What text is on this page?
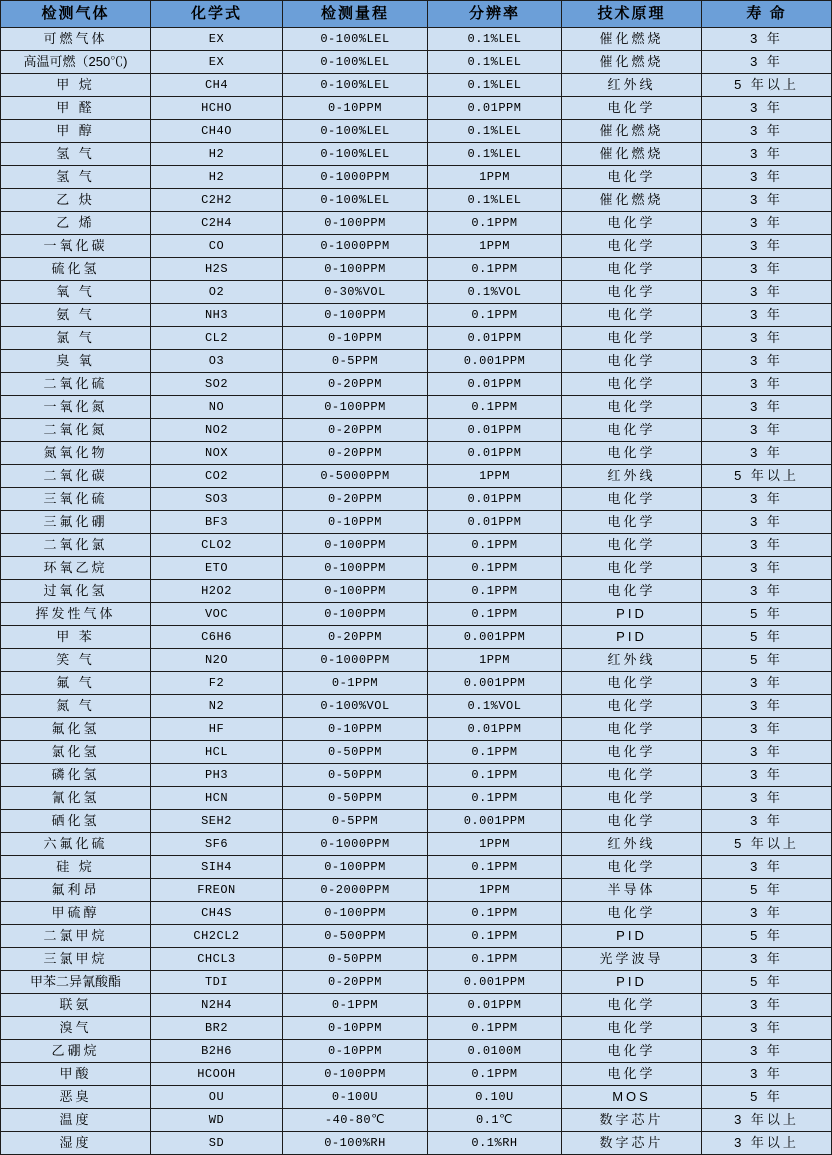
检测气体	化学式	检测量程	分辨率	技术原理	寿 命
可燃气体	EX	0-100%LEL	0.1%LEL	催化燃烧	3 年
高温可燃（250℃)	EX	0-100%LEL	0.1%LEL	催化燃烧	3 年
甲 烷	CH4	0-100%LEL	0.1%LEL	红外线	5 年以上
甲 醛	HCHO	0-10PPM	0.01PPM	电化学	3 年
甲 醇	CH4O	0-100%LEL	0.1%LEL	催化燃烧	3 年
氢 气	H2	0-100%LEL	0.1%LEL	催化燃烧	3 年
氢 气	H2	0-1000PPM	1PPM	电化学	3 年
乙 炔	C2H2	0-100%LEL	0.1%LEL	催化燃烧	3 年
乙 烯	C2H4	0-100PPM	0.1PPM	电化学	3 年
一氧化碳	CO	0-1000PPM	1PPM	电化学	3 年
硫化氢	H2S	0-100PPM	0.1PPM	电化学	3 年
氧 气	O2	0-30%VOL	0.1%VOL	电化学	3 年
氨 气	NH3	0-100PPM	0.1PPM	电化学	3 年
氯 气	CL2	0-10PPM	0.01PPM	电化学	3 年
臭 氧	O3	0-5PPM	0.001PPM	电化学	3 年
二氧化硫	SO2	0-20PPM	0.01PPM	电化学	3 年
一氧化氮	NO	0-100PPM	0.1PPM	电化学	3 年
二氧化氮	NO2	0-20PPM	0.01PPM	电化学	3 年
氮氧化物	NOX	0-20PPM	0.01PPM	电化学	3 年
二氧化碳	CO2	0-5000PPM	1PPM	红外线	5 年以上
三氧化硫	SO3	0-20PPM	0.01PPM	电化学	3 年
三氟化硼	BF3	0-10PPM	0.01PPM	电化学	3 年
二氧化氯	CLO2	0-100PPM	0.1PPM	电化学	3 年
环氧乙烷	ETO	0-100PPM	0.1PPM	电化学	3 年
过氧化氢	H2O2	0-100PPM	0.1PPM	电化学	3 年
挥发性气体	VOC	0-100PPM	0.1PPM	PID	5 年
甲 苯	C6H6	0-20PPM	0.001PPM	PID	5 年
笑 气	N2O	0-1000PPM	1PPM	红外线	5 年
氟 气	F2	0-1PPM	0.001PPM	电化学	3 年
氮 气	N2	0-100%VOL	0.1%VOL	电化学	3 年
氟化氢	HF	0-10PPM	0.01PPM	电化学	3 年
氯化氢	HCL	0-50PPM	0.1PPM	电化学	3 年
磷化氢	PH3	0-50PPM	0.1PPM	电化学	3 年
氰化氢	HCN	0-50PPM	0.1PPM	电化学	3 年
硒化氢	SEH2	0-5PPM	0.001PPM	电化学	3 年
六氟化硫	SF6	0-1000PPM	1PPM	红外线	5 年以上
硅 烷	SIH4	0-100PPM	0.1PPM	电化学	3 年
氟利昂	FREON	0-2000PPM	1PPM	半导体	5 年
甲硫醇	CH4S	0-100PPM	0.1PPM	电化学	3 年
二氯甲烷	CH2CL2	0-500PPM	0.1PPM	PID	5 年
三氯甲烷	CHCL3	0-50PPM	0.1PPM	光学波导	3 年
甲苯二异氰酸酯	TDI	0-20PPM	0.001PPM	PID	5 年
联氨	N2H4	0-1PPM	0.01PPM	电化学	3 年
溴气	BR2	0-10PPM	0.1PPM	电化学	3 年
乙硼烷	B2H6	0-10PPM	0.0100M	电化学	3 年
甲酸	HCOOH	0-100PPM	0.1PPM	电化学	3 年
恶臭	OU	0-100U	0.10U	MOS	5 年
温度	WD	-40-80℃	0.1℃	数字芯片	3 年以上
湿度	SD	0-100%RH	0.1%RH	数字芯片	3 年以上
